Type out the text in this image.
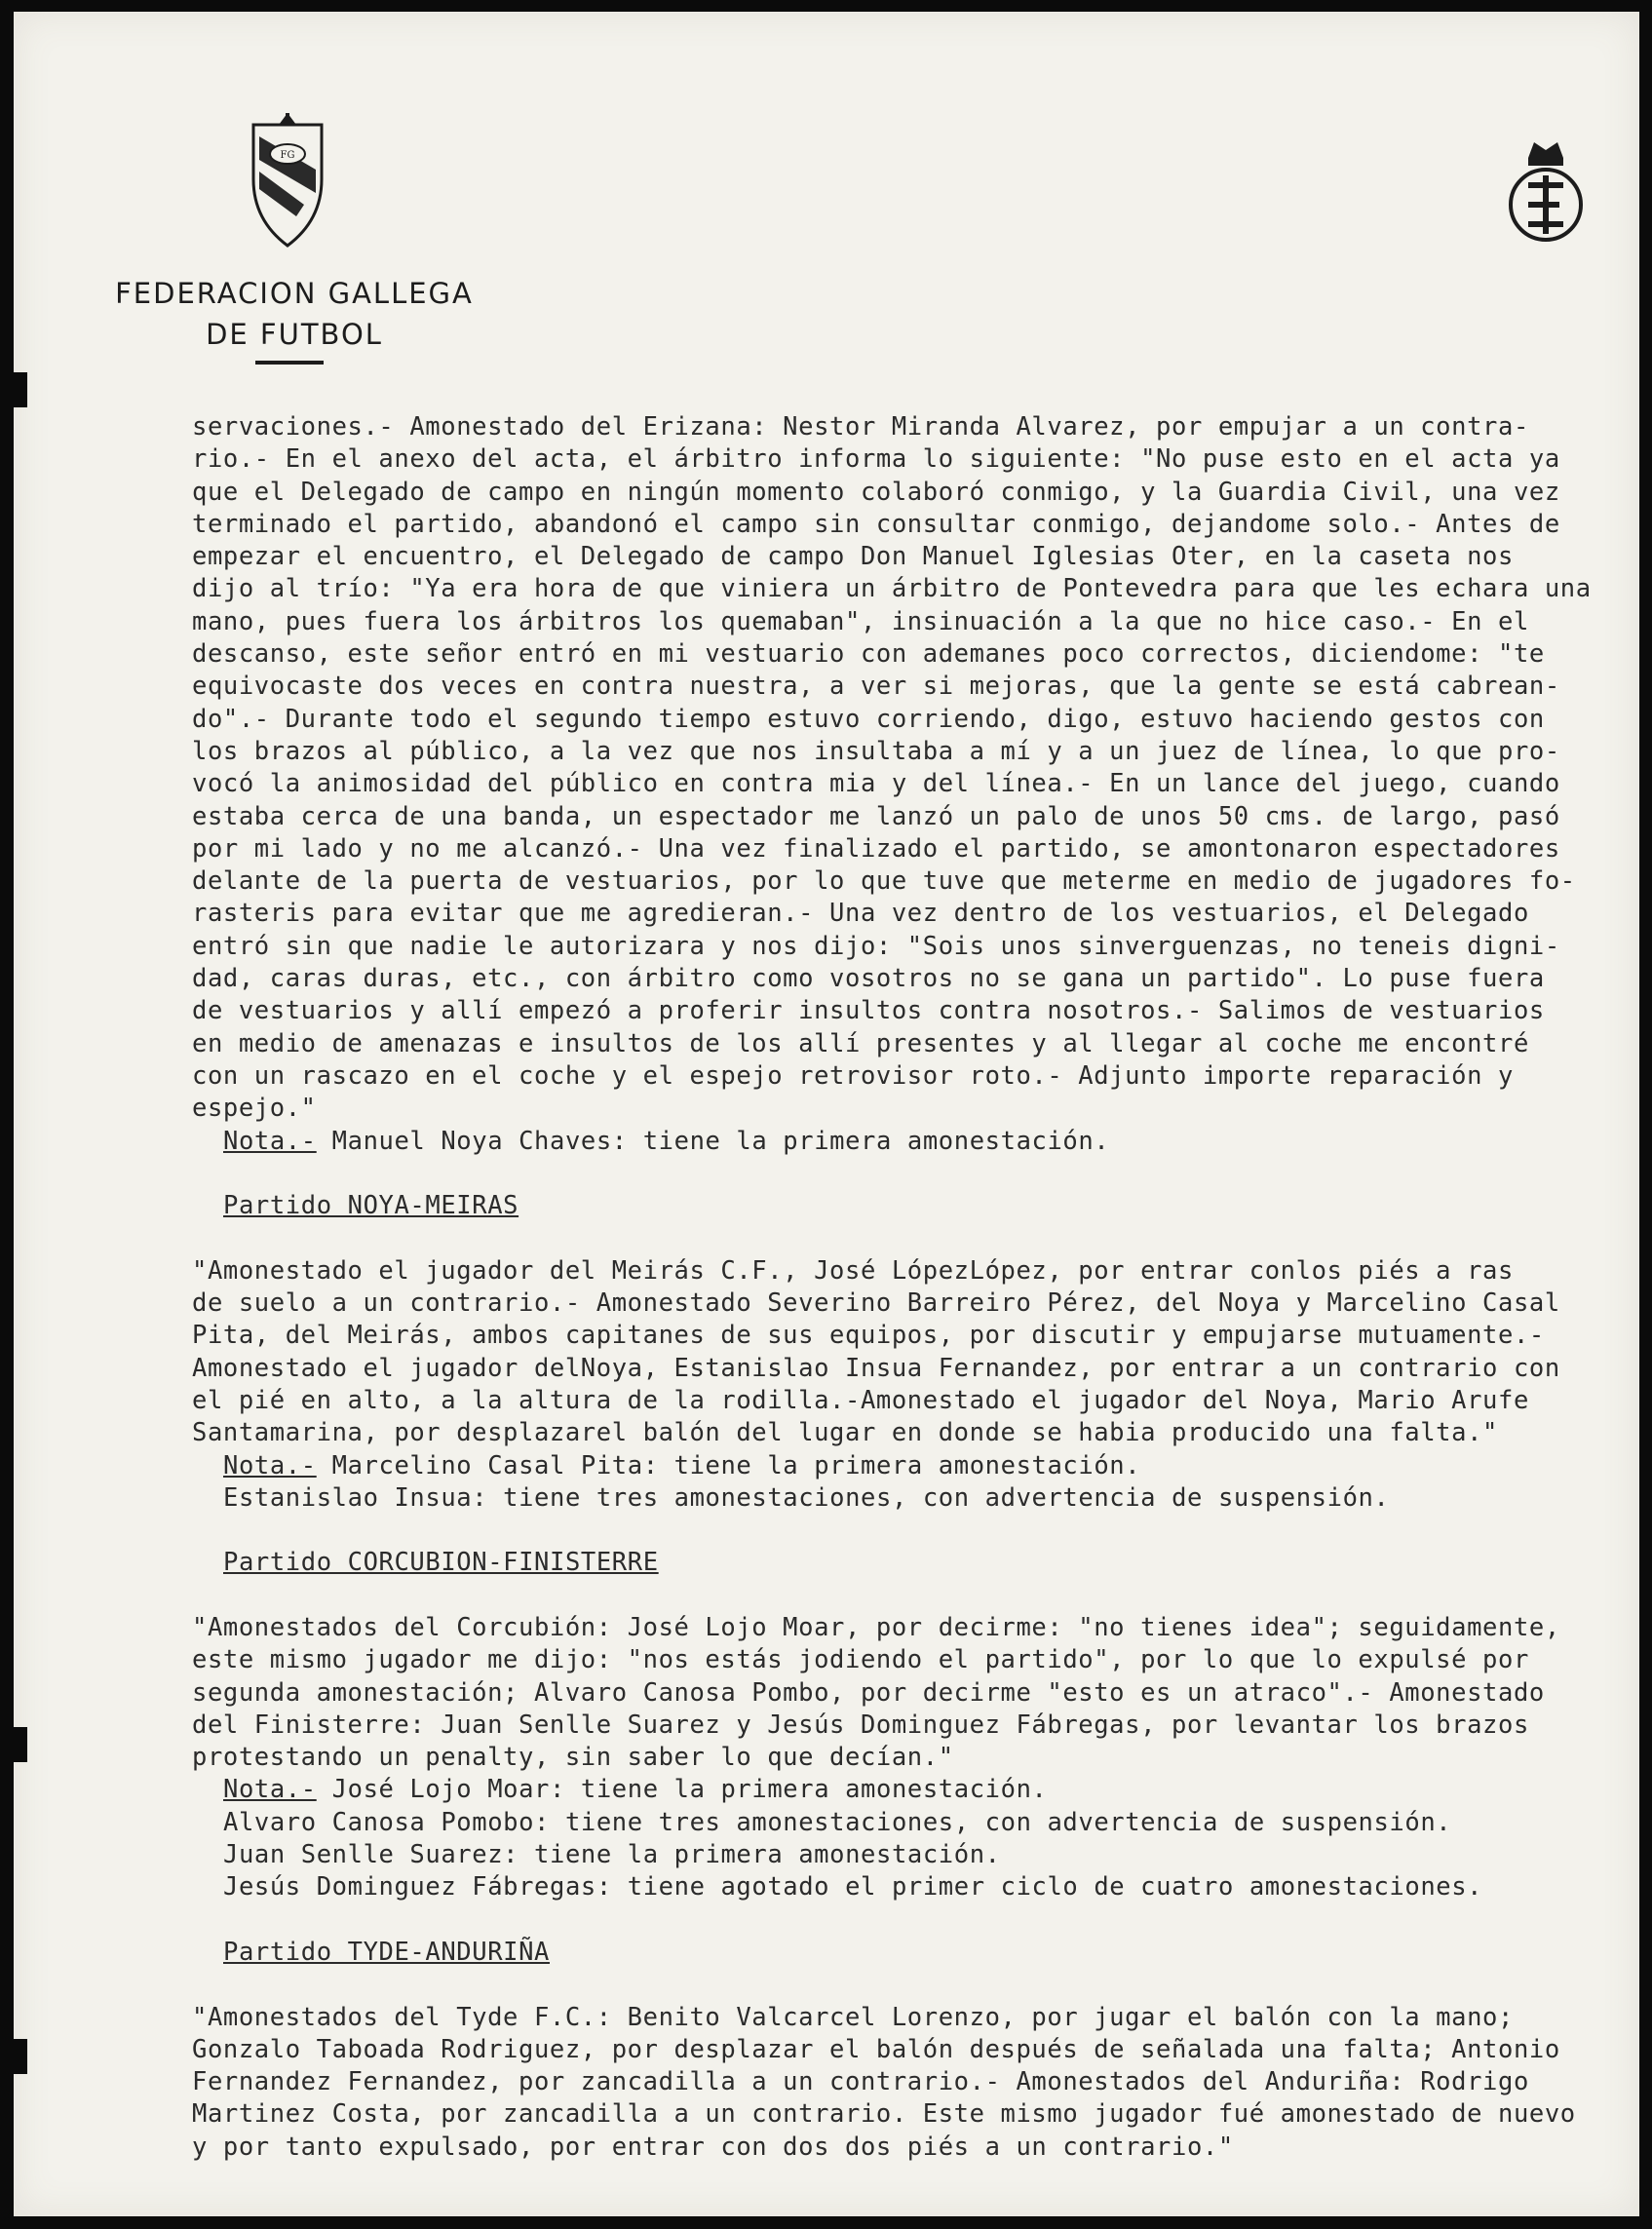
FG
FEDERACION GALLEGA
DE FUTBOL
servaciones.- Amonestado del Erizana: Nestor Miranda Alvarez, por empujar a un contra-
rio.- En el anexo del acta, el árbitro informa lo siguiente: "No puse esto en el acta ya
que el Delegado de campo en ningún momento colaboró conmigo, y la Guardia Civil, una vez
terminado el partido, abandonó el campo sin consultar conmigo, dejandome solo.- Antes de
empezar el encuentro, el Delegado de campo Don Manuel Iglesias Oter, en la caseta nos
dijo al trío: "Ya era hora de que viniera un árbitro de Pontevedra para que les echara una
mano, pues fuera los árbitros los quemaban", insinuación a la que no hice caso.- En el
descanso, este señor entró en mi vestuario con ademanes poco correctos, diciendome: "te
equivocaste dos veces en contra nuestra, a ver si mejoras, que la gente se está cabrean-
do".- Durante todo el segundo tiempo estuvo corriendo, digo, estuvo haciendo gestos con
los brazos al público, a la vez que nos insultaba a mí y a un juez de línea, lo que pro-
vocó la animosidad del público en contra mia y del línea.- En un lance del juego, cuando
estaba cerca de una banda, un espectador me lanzó un palo de unos 50 cms. de largo, pasó
por mi lado y no me alcanzó.- Una vez finalizado el partido, se amontonaron espectadores
delante de la puerta de vestuarios, por lo que tuve que meterme en medio de jugadores fo-
rasteris para evitar que me agredieran.- Una vez dentro de los vestuarios, el Delegado
entró sin que nadie le autorizara y nos dijo: "Sois unos sinverguenzas, no teneis digni-
dad, caras duras, etc., con árbitro como vosotros no se gana un partido". Lo puse fuera
de vestuarios y allí empezó a proferir insultos contra nosotros.- Salimos de vestuarios
en medio de amenazas e insultos de los allí presentes y al llegar al coche me encontré
con un rascazo en el coche y el espejo retrovisor roto.- Adjunto importe reparación y
espejo."
Nota.- Manuel Noya Chaves: tiene la primera amonestación.
Partido NOYA-MEIRAS
"Amonestado el jugador del Meirás C.F., José LópezLópez, por entrar conlos piés a ras
de suelo a un contrario.- Amonestado Severino Barreiro Pérez, del Noya y Marcelino Casal
Pita, del Meirás, ambos capitanes de sus equipos, por discutir y empujarse mutuamente.-
Amonestado el jugador delNoya, Estanislao Insua Fernandez, por entrar a un contrario con
el pié en alto, a la altura de la rodilla.-Amonestado el jugador del Noya, Mario Arufe
Santamarina, por desplazarel balón del lugar en donde se habia producido una falta."
Nota.- Marcelino Casal Pita: tiene la primera amonestación.
Estanislao Insua: tiene tres amonestaciones, con advertencia de suspensión.
Partido CORCUBION-FINISTERRE
"Amonestados del Corcubión: José Lojo Moar, por decirme: "no tienes idea"; seguidamente,
este mismo jugador me dijo: "nos estás jodiendo el partido", por lo que lo expulsé por
segunda amonestación; Alvaro Canosa Pombo, por decirme "esto es un atraco".- Amonestado
del Finisterre: Juan Senlle Suarez y Jesús Dominguez Fábregas, por levantar los brazos
protestando un penalty, sin saber lo que decían."
Nota.- José Lojo Moar: tiene la primera amonestación.
Alvaro Canosa Pomobo: tiene tres amonestaciones, con advertencia de suspensión.
Juan Senlle Suarez: tiene la primera amonestación.
Jesús Dominguez Fábregas: tiene agotado el primer ciclo de cuatro amonestaciones.
Partido TYDE-ANDURIÑA
"Amonestados del Tyde F.C.: Benito Valcarcel Lorenzo, por jugar el balón con la mano;
Gonzalo Taboada Rodriguez, por desplazar el balón después de señalada una falta; Antonio
Fernandez Fernandez, por zancadilla a un contrario.- Amonestados del Anduriña: Rodrigo
Martinez Costa, por zancadilla a un contrario. Este mismo jugador fué amonestado de nuevo
y por tanto expulsado, por entrar con dos dos piés a un contrario."
